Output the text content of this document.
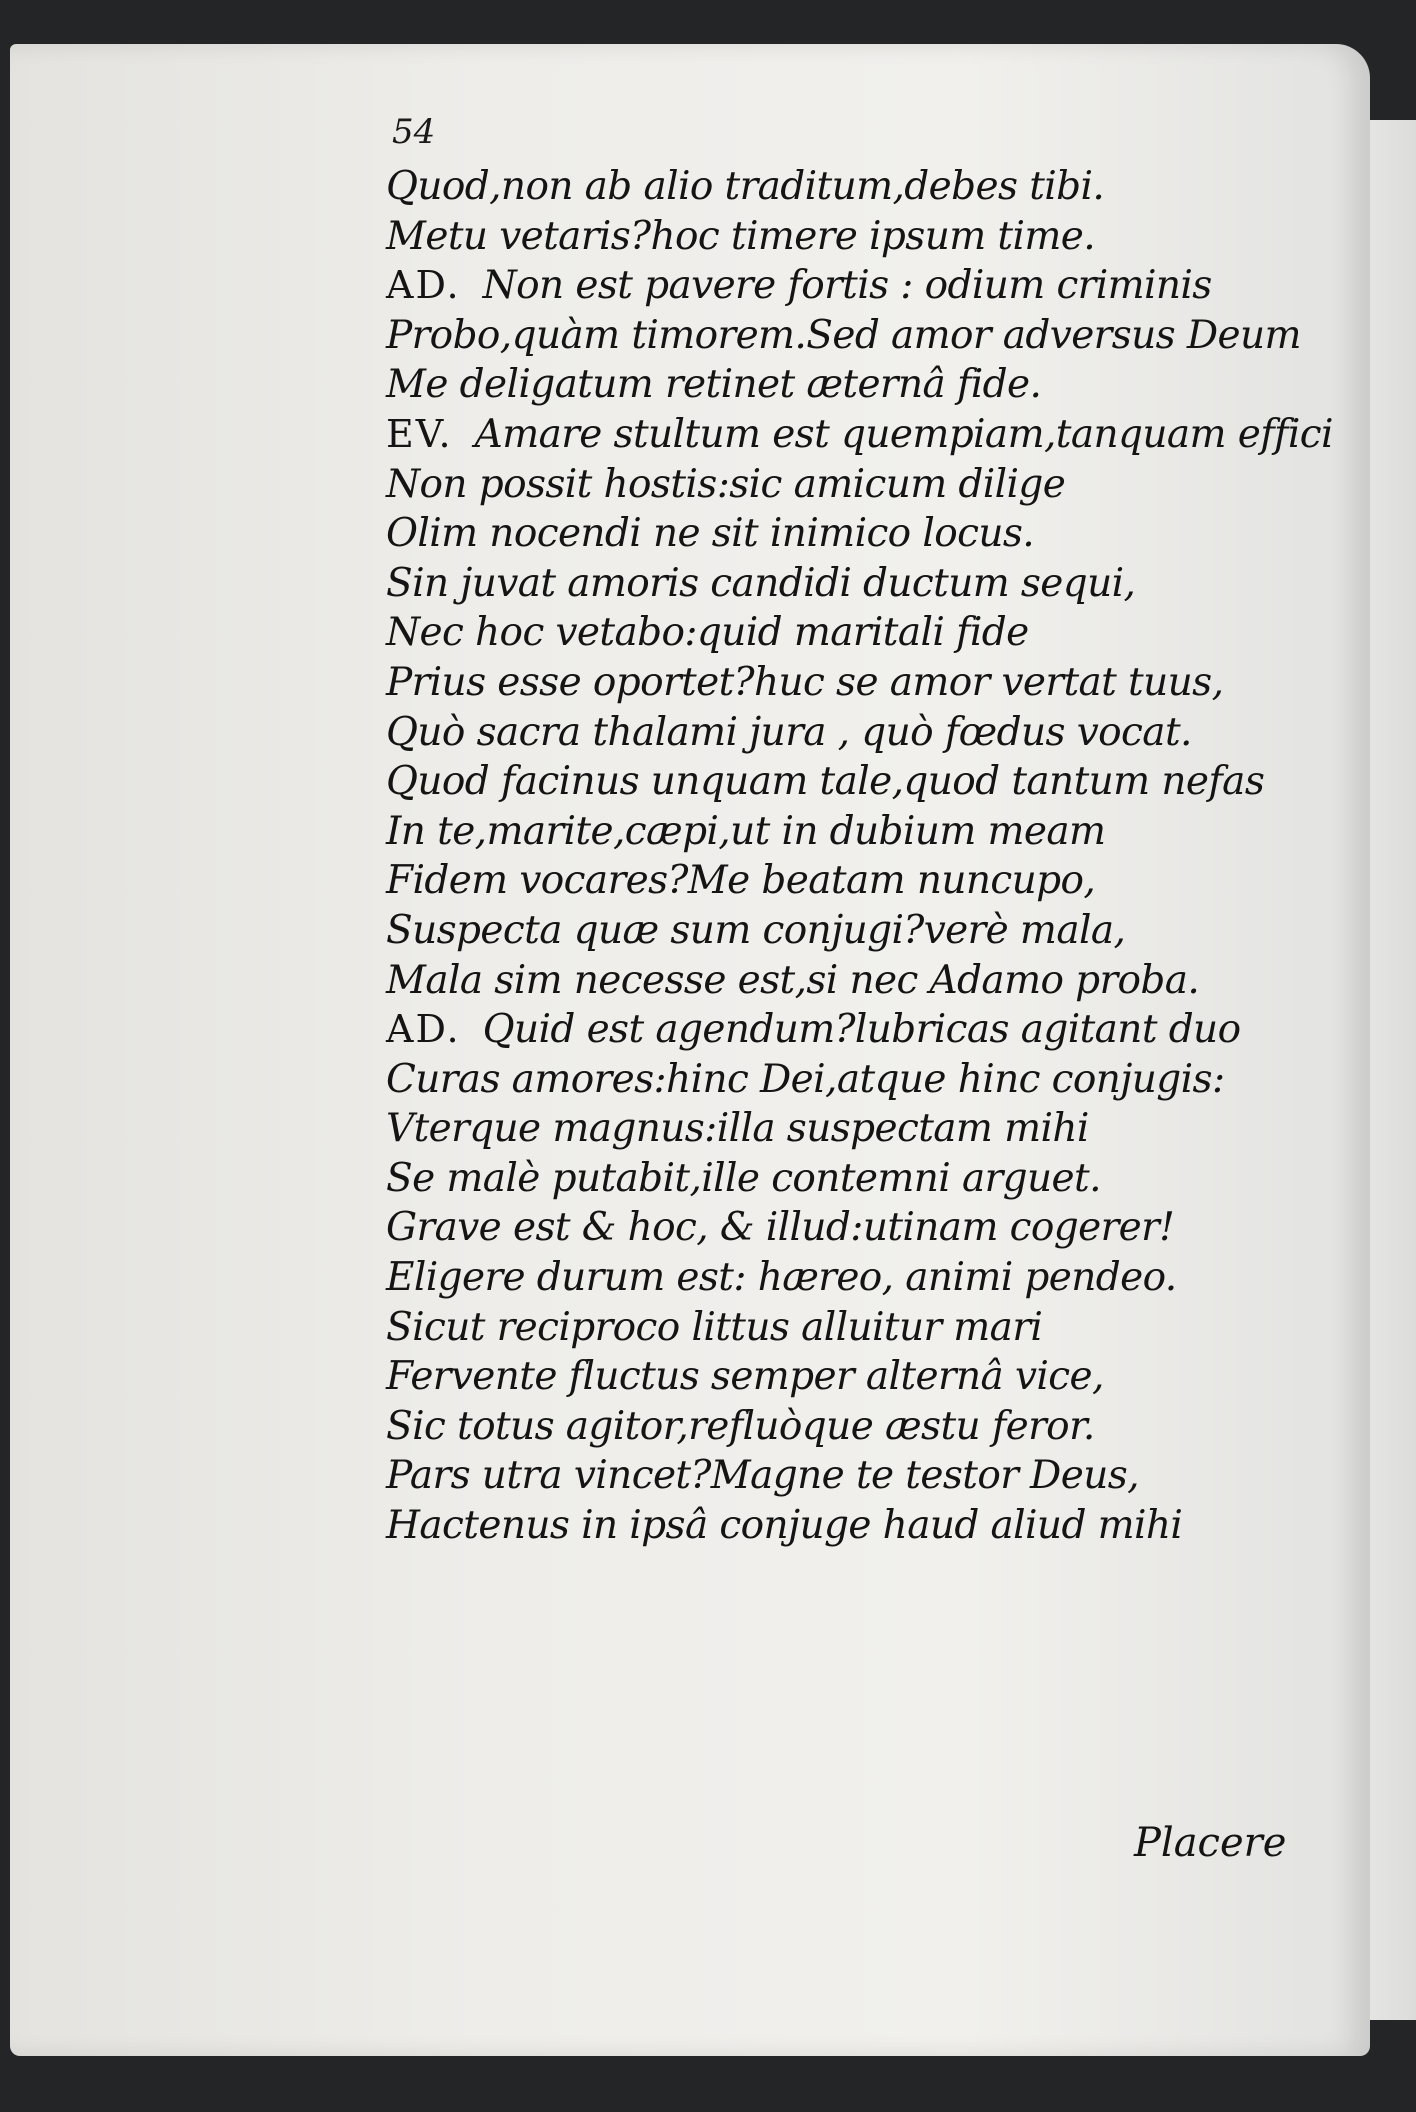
54
Quod,non ab alio traditum,debes tibi.
Metu vetaris?hoc timere ipsum time.
AD. Non est pavere fortis : odium criminis
Probo,quàm timorem.Sed amor adversus Deum
Me deligatum retinet æternâ fide.
EV. Amare stultum est quempiam,tanquam effici
Non possit hostis:sic amicum dilige
Olim nocendi ne sit inimico locus.
Sin juvat amoris candidi ductum sequi,
Nec hoc vetabo:quid maritali fide
Prius esse oportet?huc se amor vertat tuus,
Quò sacra thalami jura , quò fœdus vocat.
Quod facinus unquam tale,quod tantum nefas
In te,marite,cæpi,ut in dubium meam
Fidem vocares?Me beatam nuncupo,
Suspecta quæ sum conjugi?verè mala,
Mala sim necesse est,si nec Adamo proba.
AD. Quid est agendum?lubricas agitant duo
Curas amores:hinc Dei,atque hinc conjugis:
Vterque magnus:illa suspectam mihi
Se malè putabit,ille contemni arguet.
Grave est & hoc, & illud:utinam cogerer!
Eligere durum est: hæreo, animi pendeo.
Sicut reciproco littus alluitur mari
Fervente fluctus semper alternâ vice,
Sic totus agitor,refluòque æstu feror.
Pars utra vincet?Magne te testor Deus,
Hactenus in ipsâ conjuge haud aliud mihi
Placere
